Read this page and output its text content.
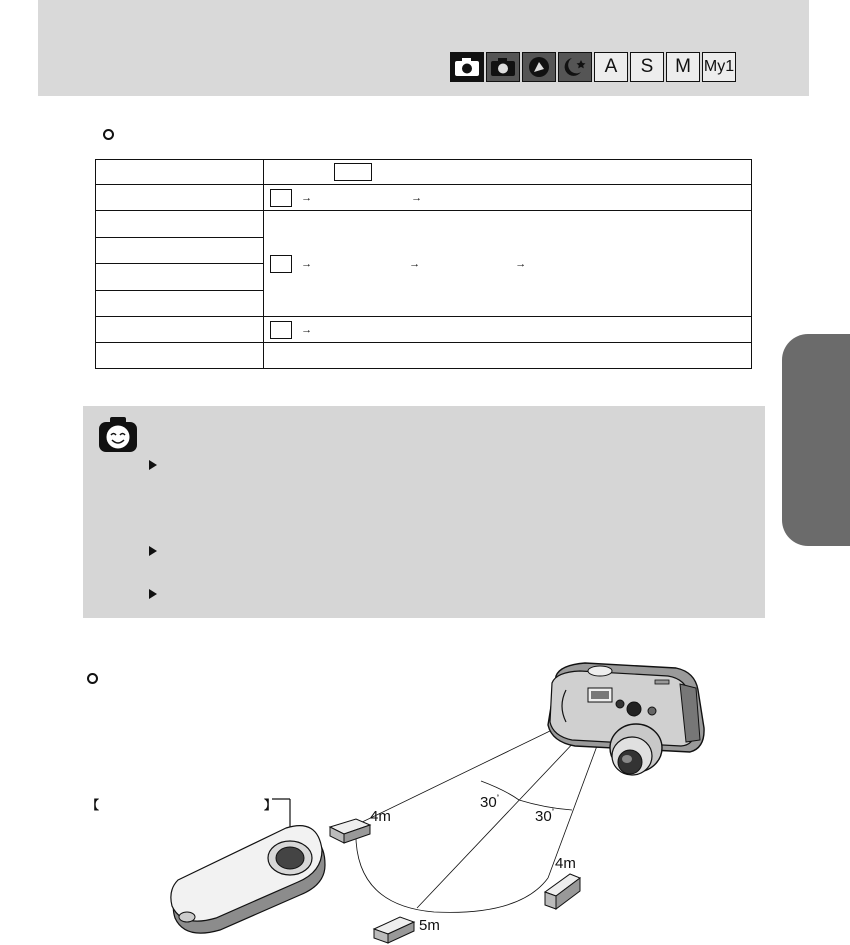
A S M My1

	→ →
	→ → →

	→

【	】	30˚
30˚
4m
4m
5m
